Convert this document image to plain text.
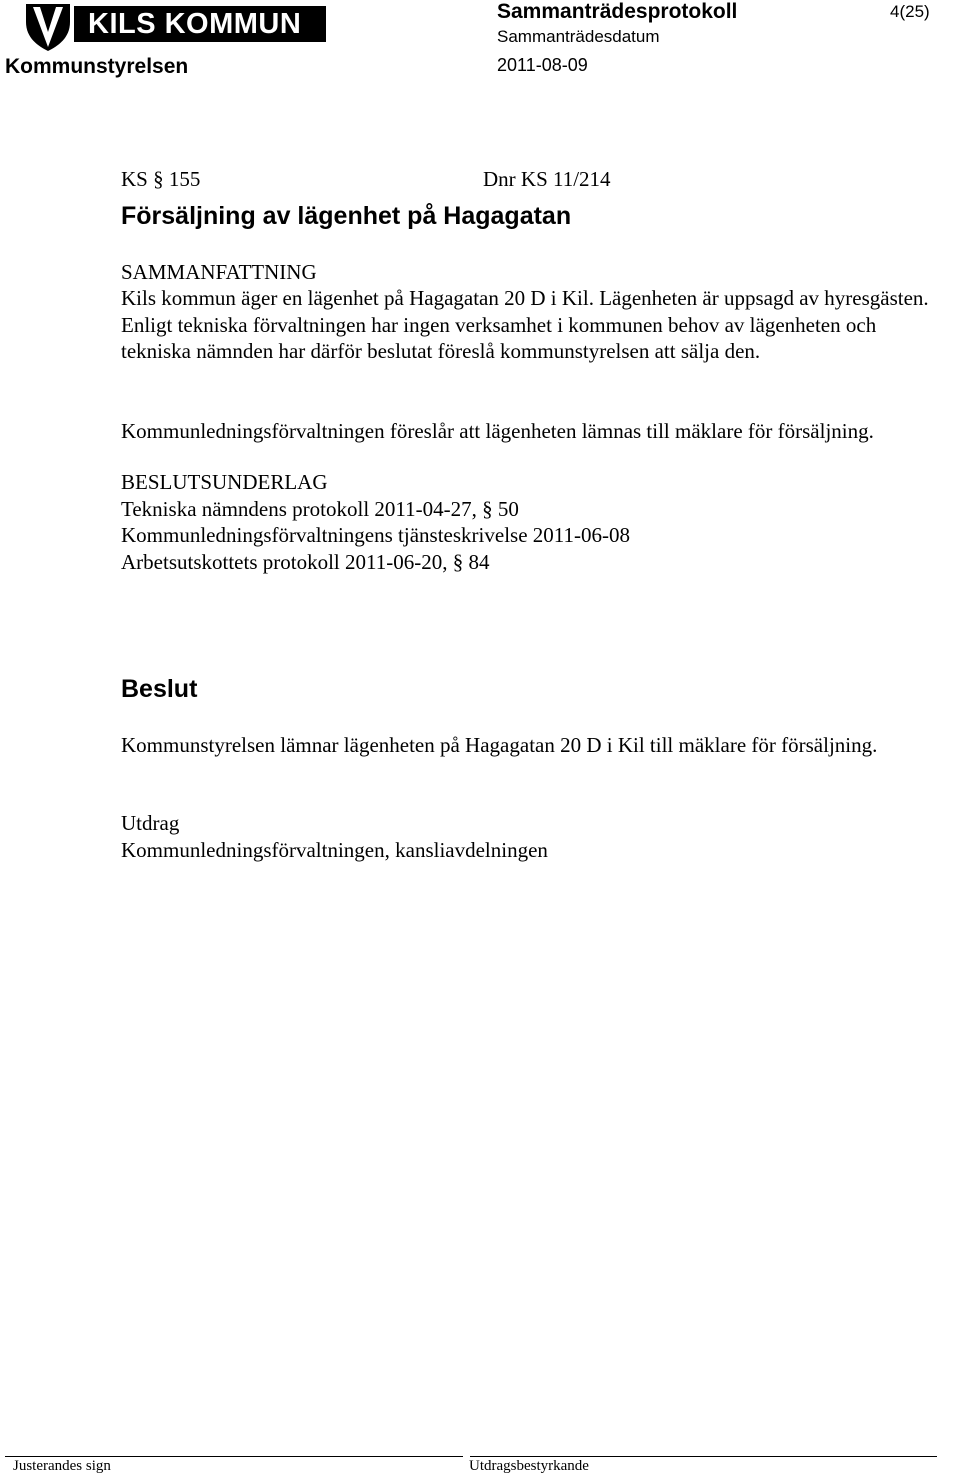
KILS KOMMUN
Kommunstyrelsen
Sammanträdesprotokoll
Sammanträdesdatum
2011-08-09
4(25)
KS § 155	Dnr KS 11/214
Försäljning av lägenhet på Hagagatan
SAMMANFATTNING
Kils kommun äger en lägenhet på Hagagatan 20 D i Kil. Lägenheten är uppsagd av hyresgästen. Enligt tekniska förvaltningen har ingen verksamhet i kommunen behov av lägenheten och tekniska nämnden har därför beslutat föreslå kommunstyrelsen att sälja den.
Kommunledningsförvaltningen föreslår att lägenheten lämnas till mäklare för försäljning.
BESLUTSUNDERLAG
Tekniska nämndens protokoll 2011-04-27, § 50
Kommunledningsförvaltningens tjänsteskrivelse 2011-06-08
Arbetsutskottets protokoll 2011-06-20, § 84
Beslut
Kommunstyrelsen lämnar lägenheten på Hagagatan 20 D i Kil till mäklare för försäljning.
Utdrag
Kommunledningsförvaltningen, kansliavdelningen
Justerandes sign	Utdragsbestyrkande
